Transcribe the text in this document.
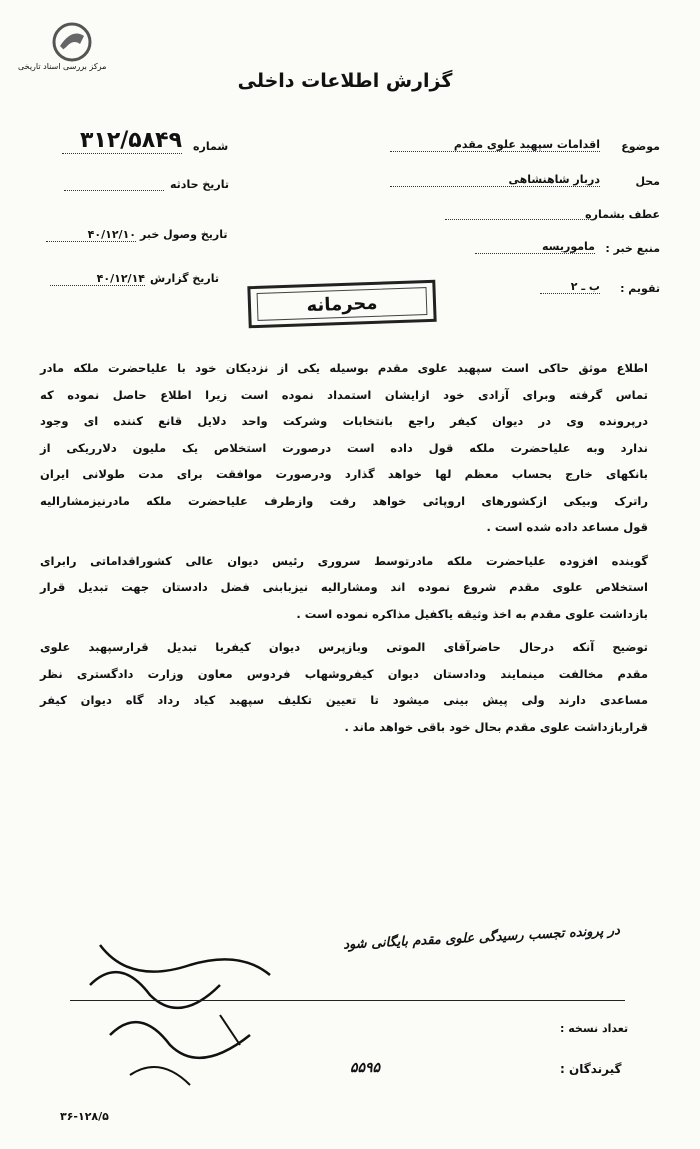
مرکز بررسی اسناد تاریخی
گزارش اطلاعات داخلی
موضوع
اقدامات سپهبد علوی مقدم
محل
دربار شاهنشاهی
عطف بشماره
منبع خبر :
ماموریسه
تقویم :
ب ـ ۲
شماره
۳۱۲/۵۸۴۹
تاریخ حادثه
تاریخ وصول خبر
۴۰/۱۲/۱۰
تاریخ گزارش
۴۰/۱۲/۱۴
محرمانه

اطلاع موثق حاکی است سپهبد علوی مقدم بوسیله یکی از نزدیکان خود با علیاحضرت ملکه مادر
تماس گرفته وبرای آزادی خود ازایشان استمداد نموده است زیرا اطلاع حاصل نموده که
درپرونده وی در دیوان کیفر راجع بانتخابات وشرکت واحد دلایل قانع کننده ای وجود
ندارد وبه علیاحضرت ملکه قول داده است درصورت استخلاص یک ملیون دلارریکی از
بانکهای خارج بحساب معظم لها خواهد گذارد ودرصورت موافقت برای مدت طولانی ایران
راترک وبیکی ازکشورهای اروپائی خواهد رفت وازطرف علیاحضرت ملکه مادرنیزمشارالیه
قول مساعد داده شده است .

گوینده افزوده علیاحضرت ملکه مادرتوسط سروری رئیس دیوان عالی کشوراقداماتی رابرای
استخلاص علوی مقدم شروع نموده اند ومشارالیه نیزبابنی فضل دادستان جهت تبدیل قرار
بازداشت علوی مقدم به اخذ وثیقه یاکفیل مذاکره نموده است .

توضیح آنکه درحال حاضرآقای الموتی وبازپرس دیوان کیفربا تبدیل قرارسپهبد علوی
مقدم مخالفت مینمایند ودادستان دیوان کیفروشهاب فردوس معاون وزارت دادگستری نظر
مساعدی دارند ولی پیش بینی میشود تا تعیین تکلیف سپهبد کیاد رداد گاه دیوان کیفر
قراربازداشت علوی مقدم بحال خود باقی خواهد ماند .

در پرونده تجسب رسیدگی علوی مقدم بایگانی شود
تعداد نسخه :
گیرندگان :
۵۵۹۵
۳۶-۱۲۸/۵
